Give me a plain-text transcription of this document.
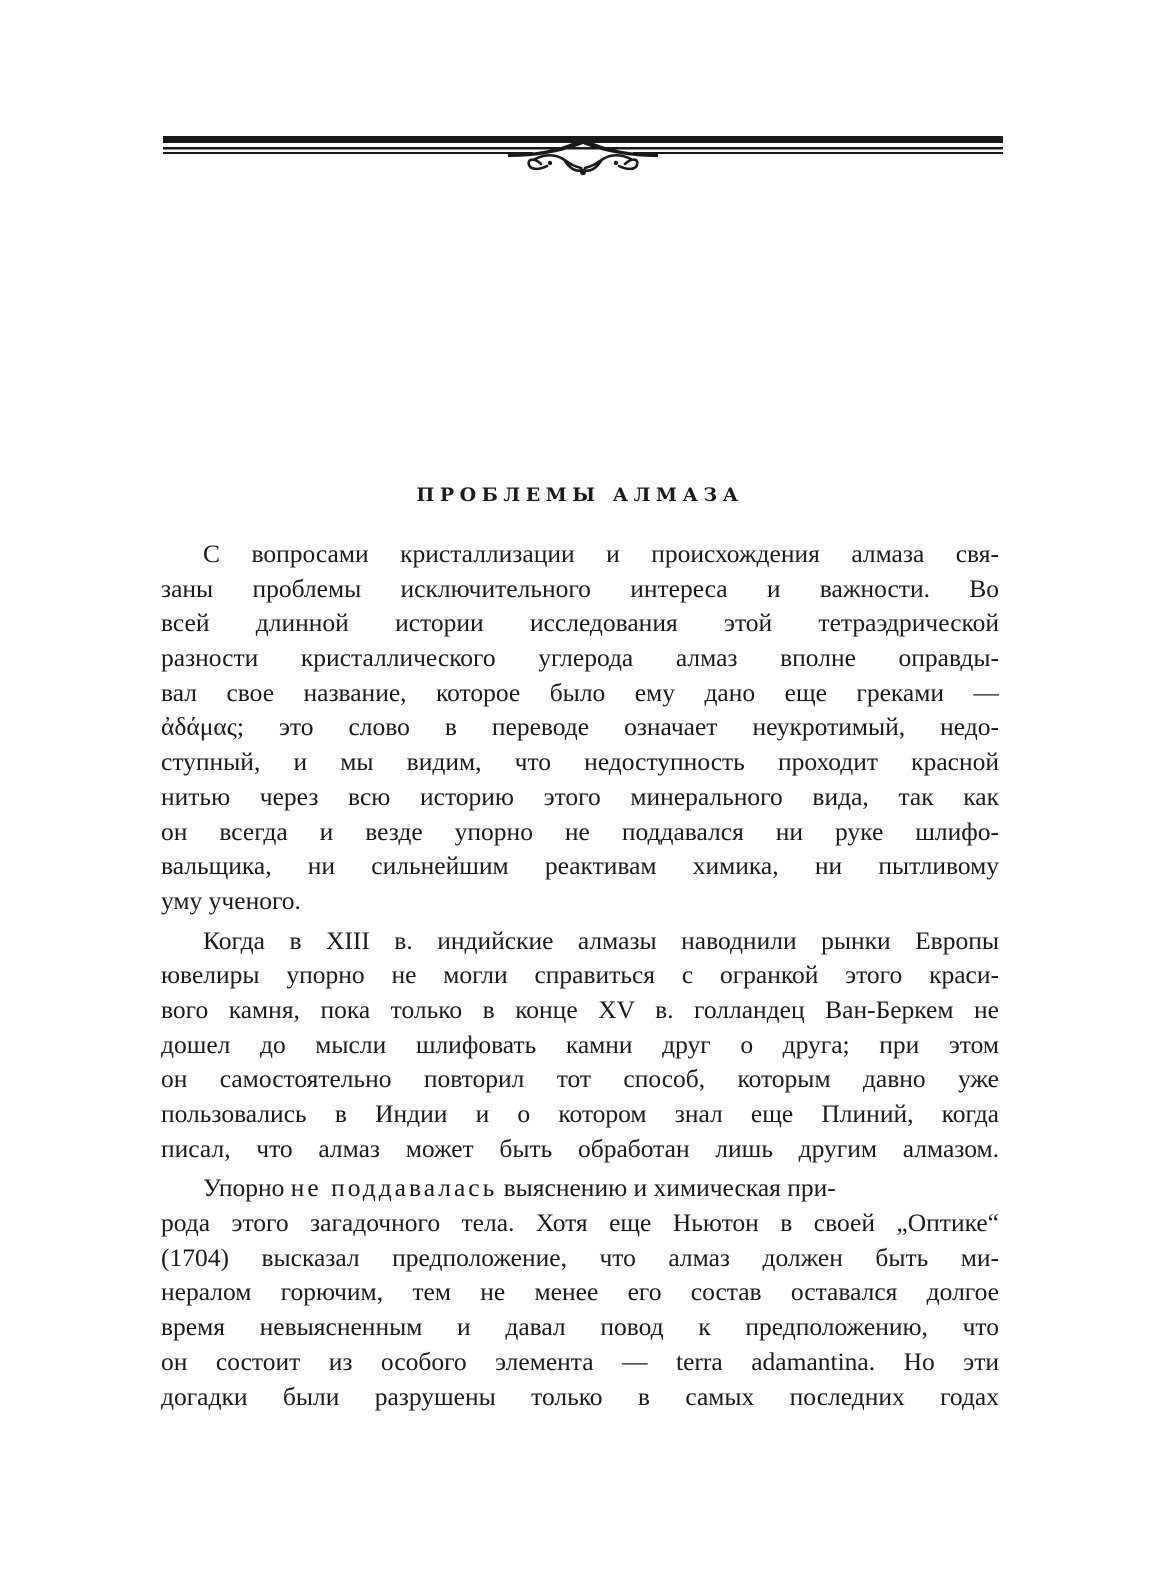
ПРОБЛЕМЫ АЛМАЗА
С вопросами кристаллизации и происхождения алмаза свя-
заны проблемы исключительного интереса и важности. Во
всей длинной истории исследования этой тетраэдрической
разности кристаллического углерода алмаз вполне оправды-
вал свое название, которое было ему дано еще греками —
ἀδάμας; это слово в переводе означает неукротимый, недо-
ступный, и мы видим, что недоступность проходит красной
нитью через всю историю этого минерального вида, так как
он всегда и везде упорно не поддавался ни руке шлифо-
вальщика, ни сильнейшим реактивам химика, ни пытливому
уму ученого.
Когда в XIII в. индийские алмазы наводнили рынки Европы
ювелиры упорно не могли справиться с огранкой этого краси-
вого камня, пока только в конце XV в. голландец Ван-Беркем не
дошел до мысли шлифовать камни друг о друга; при этом
он самостоятельно повторил тот способ, которым давно уже
пользовались в Индии и о котором знал еще Плиний, когда
писал, что алмаз может быть обработан лишь другим алмазом.
Упорно не поддавалась выяснению и химическая при-
рода этого загадочного тела. Хотя еще Ньютон в своей „Оптике“
(1704) высказал предположение, что алмаз должен быть ми-
нералом горючим, тем не менее его состав оставался долгое
время невыясненным и давал повод к предположению, что
он состоит из особого элемента — terra adamantina. Но эти
догадки были разрушены только в самых последних годах
